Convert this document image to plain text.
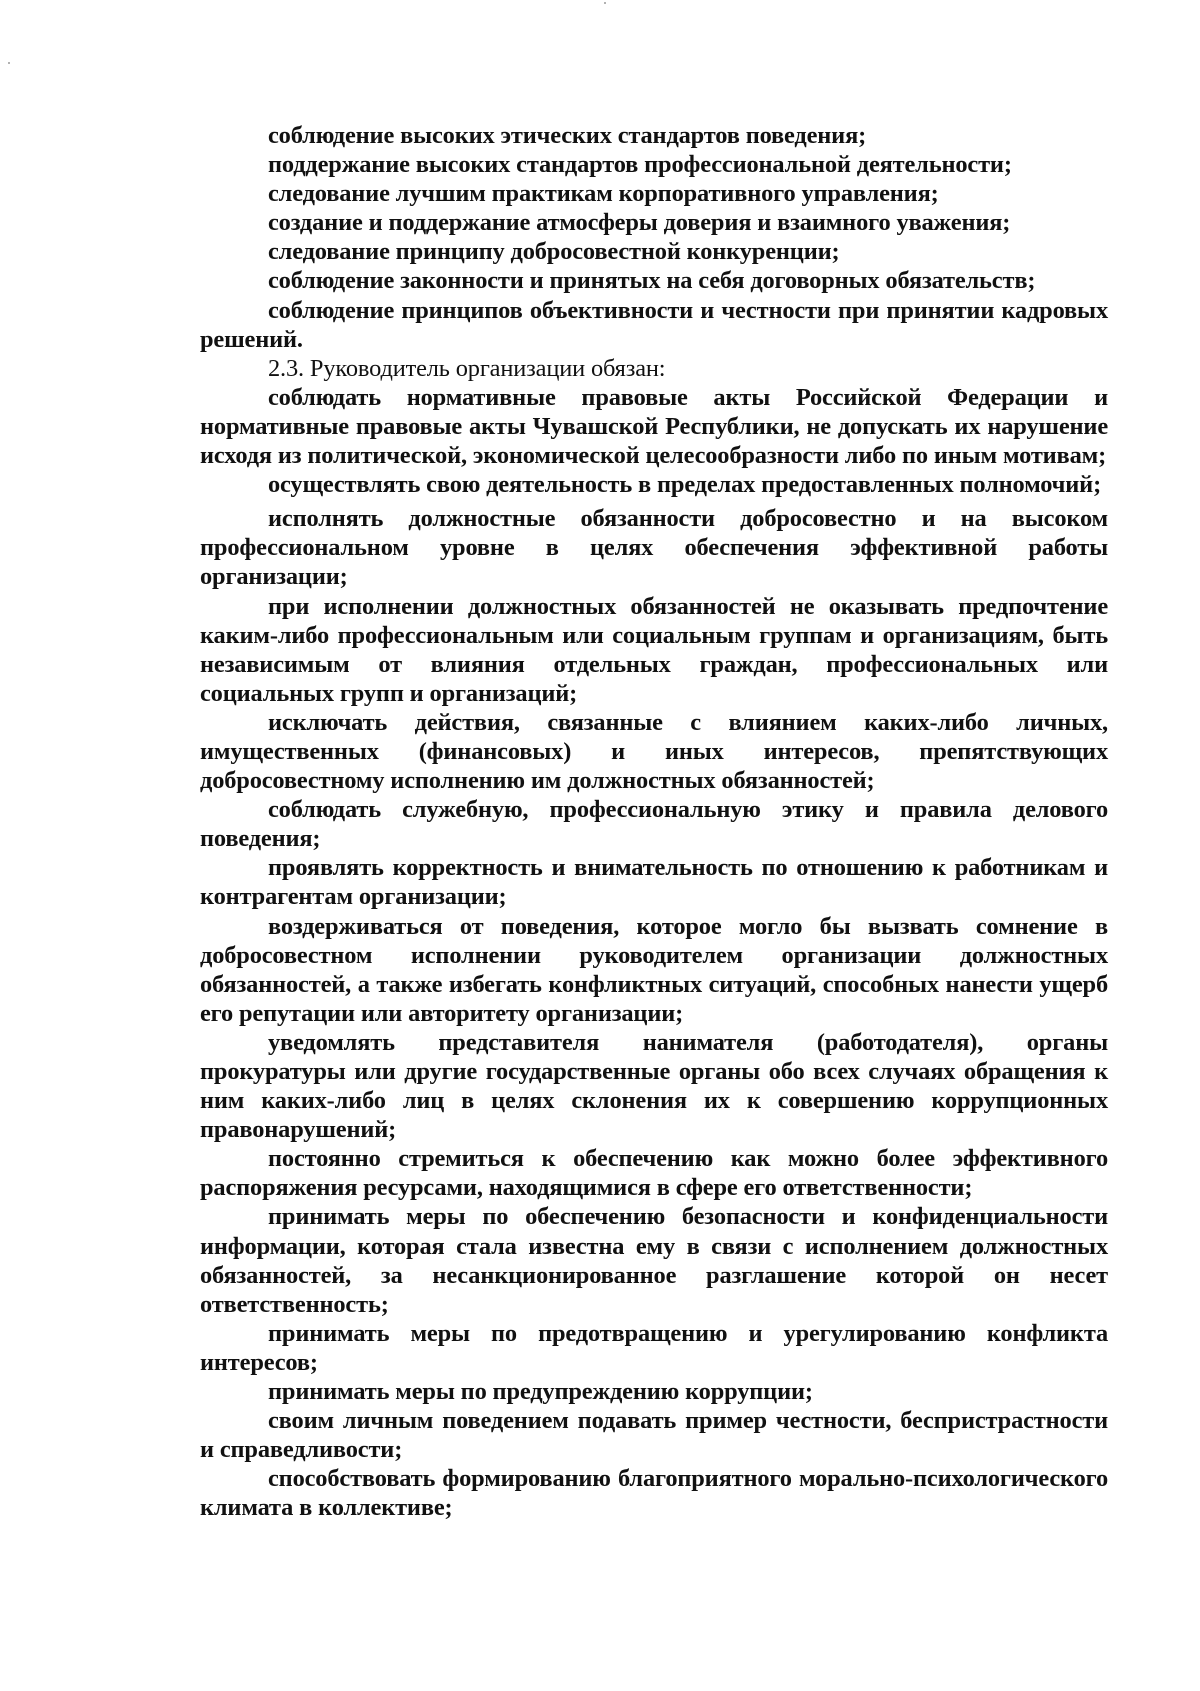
соблюдение высоких этических стандартов поведения;

поддержание высоких стандартов профессиональной деятельности;

следование лучшим практикам корпоративного управления;

создание и поддержание атмосферы доверия и взаимного уважения;

следование принципу добросовестной конкуренции;

соблюдение законности и принятых на себя договорных обязательств;

соблюдение принципов объективности и честности при принятии кадровых решений.

2.3. Руководитель организации обязан:

соблюдать нормативные правовые акты Российской Федерации и нормативные правовые акты Чувашской Республики, не допускать их нарушение исходя из политической, экономической целесообразности либо по иным мотивам;

осуществлять свою деятельность в пределах предоставленных полномочий;

исполнять должностные обязанности добросовестно и на высоком профессиональном уровне в целях обеспечения эффективной работы организации;

при исполнении должностных обязанностей не оказывать предпочтение каким-либо профессиональным или социальным группам и организациям, быть независимым от влияния отдельных граждан, профессиональных или социальных групп и организаций;

исключать действия, связанные с влиянием каких-либо личных, имущественных (финансовых) и иных интересов, препятствующих добросовестному исполнению им должностных обязанностей;

соблюдать служебную, профессиональную этику и правила делового поведения;

проявлять корректность и внимательность по отношению к работникам и контрагентам организации;

воздерживаться от поведения, которое могло бы вызвать сомнение в добросовестном исполнении руководителем организации должностных обязанностей, а также избегать конфликтных ситуаций, способных нанести ущерб его репутации или авторитету организации;

уведомлять представителя нанимателя (работодателя), органы прокуратуры или другие государственные органы обо всех случаях обращения к ним каких-либо лиц в целях склонения их к совершению коррупционных правонарушений;

постоянно стремиться к обеспечению как можно более эффективного распоряжения ресурсами, находящимися в сфере его ответственности;

принимать меры по обеспечению безопасности и конфиденциальности информации, которая стала известна ему в связи с исполнением должностных обязанностей, за несанкционированное разглашение которой он несет ответственность;

принимать меры по предотвращению и урегулированию конфликта интересов;

принимать меры по предупреждению коррупции;

своим личным поведением подавать пример честности, беспристрастности и справедливости;

способствовать формированию благоприятного морально-психологического климата в коллективе;
